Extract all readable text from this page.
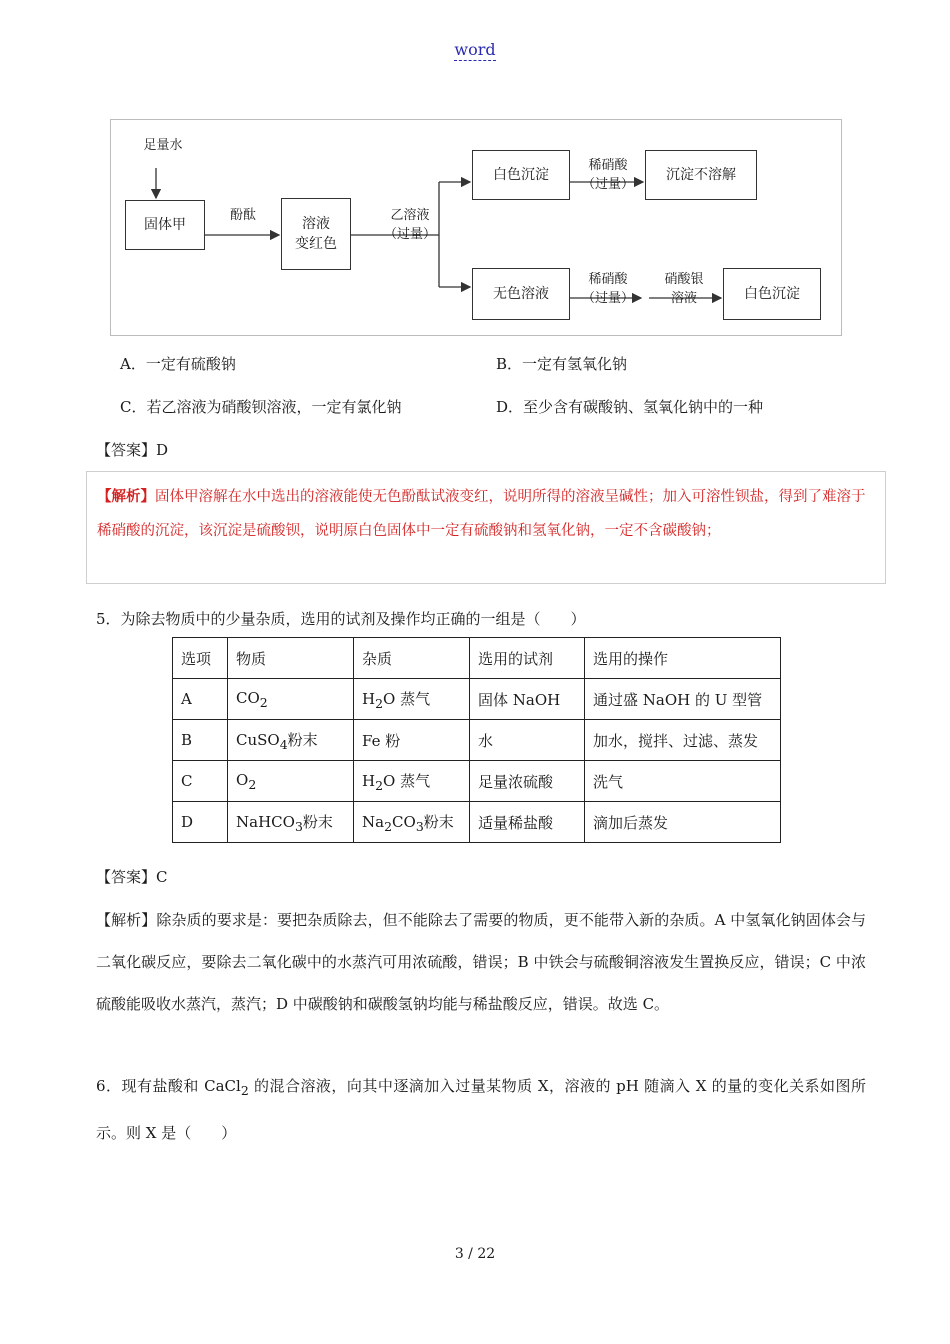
word
足量水
固体甲
酚酞
溶液
变红色
乙溶液
（过量）
白色沉淀
稀硝酸
（过量）
沉淀不溶解
无色溶液
稀硝酸
（过量）
硝酸银
溶液	白色沉淀
A．一定有硫酸钠	B．一定有氢氧化钠
C．若乙溶液为硝酸钡溶液，一定有氯化钠	D．至少含有碳酸钠、氢氧化钠中的一种
【答案】D
【解析】固体甲溶解在水中选出的溶液能使无色酚酞试液变红，说明所得的溶液呈碱性；加入可溶性钡盐，得到了难溶于稀硝酸的沉淀，该沉淀是硫酸钡，说明原白色固体中一定有硫酸钠和氢氧化钠，一定不含碳酸钠；
5．为除去物质中的少量杂质，选用的试剂及操作均正确的一组是（　　）
选项	物质	杂质	选用的试剂	选用的操作
A	$CO_2$	$H_2O$ 蒸气	固体 NaOH	通过盛 NaOH 的 U 型管
B	CuSO$_4$粉末	Fe 粉	水	加水，搅拌、过滤、蒸发
C	$O_2$	$H_2O$ 蒸气	足量浓硫酸	洗气
D	NaHCO$_3$粉末	$Na_2CO_3$粉末	适量稀盐酸	滴加后蒸发
【答案】C
【解析】除杂质的要求是：要把杂质除去，但不能除去了需要的物质，更不能带入新的杂质。A 中氢氧化钠固体会与二氧化碳反应，要除去二氧化碳中的水蒸汽可用浓硫酸，错误；B 中铁会与硫酸铜溶液发生置换反应，错误；C 中浓硫酸能吸收水蒸汽，蒸汽；D 中碳酸钠和碳酸氢钠均能与稀盐酸反应，错误。故选 C。
6．现有盐酸和 CaCl$_2$ 的混合溶液，向其中逐滴加入过量某物质 X，溶液的 pH 随滴入 X 的量的变化关系如图所示。则 X 是（　　）
3 / 22
